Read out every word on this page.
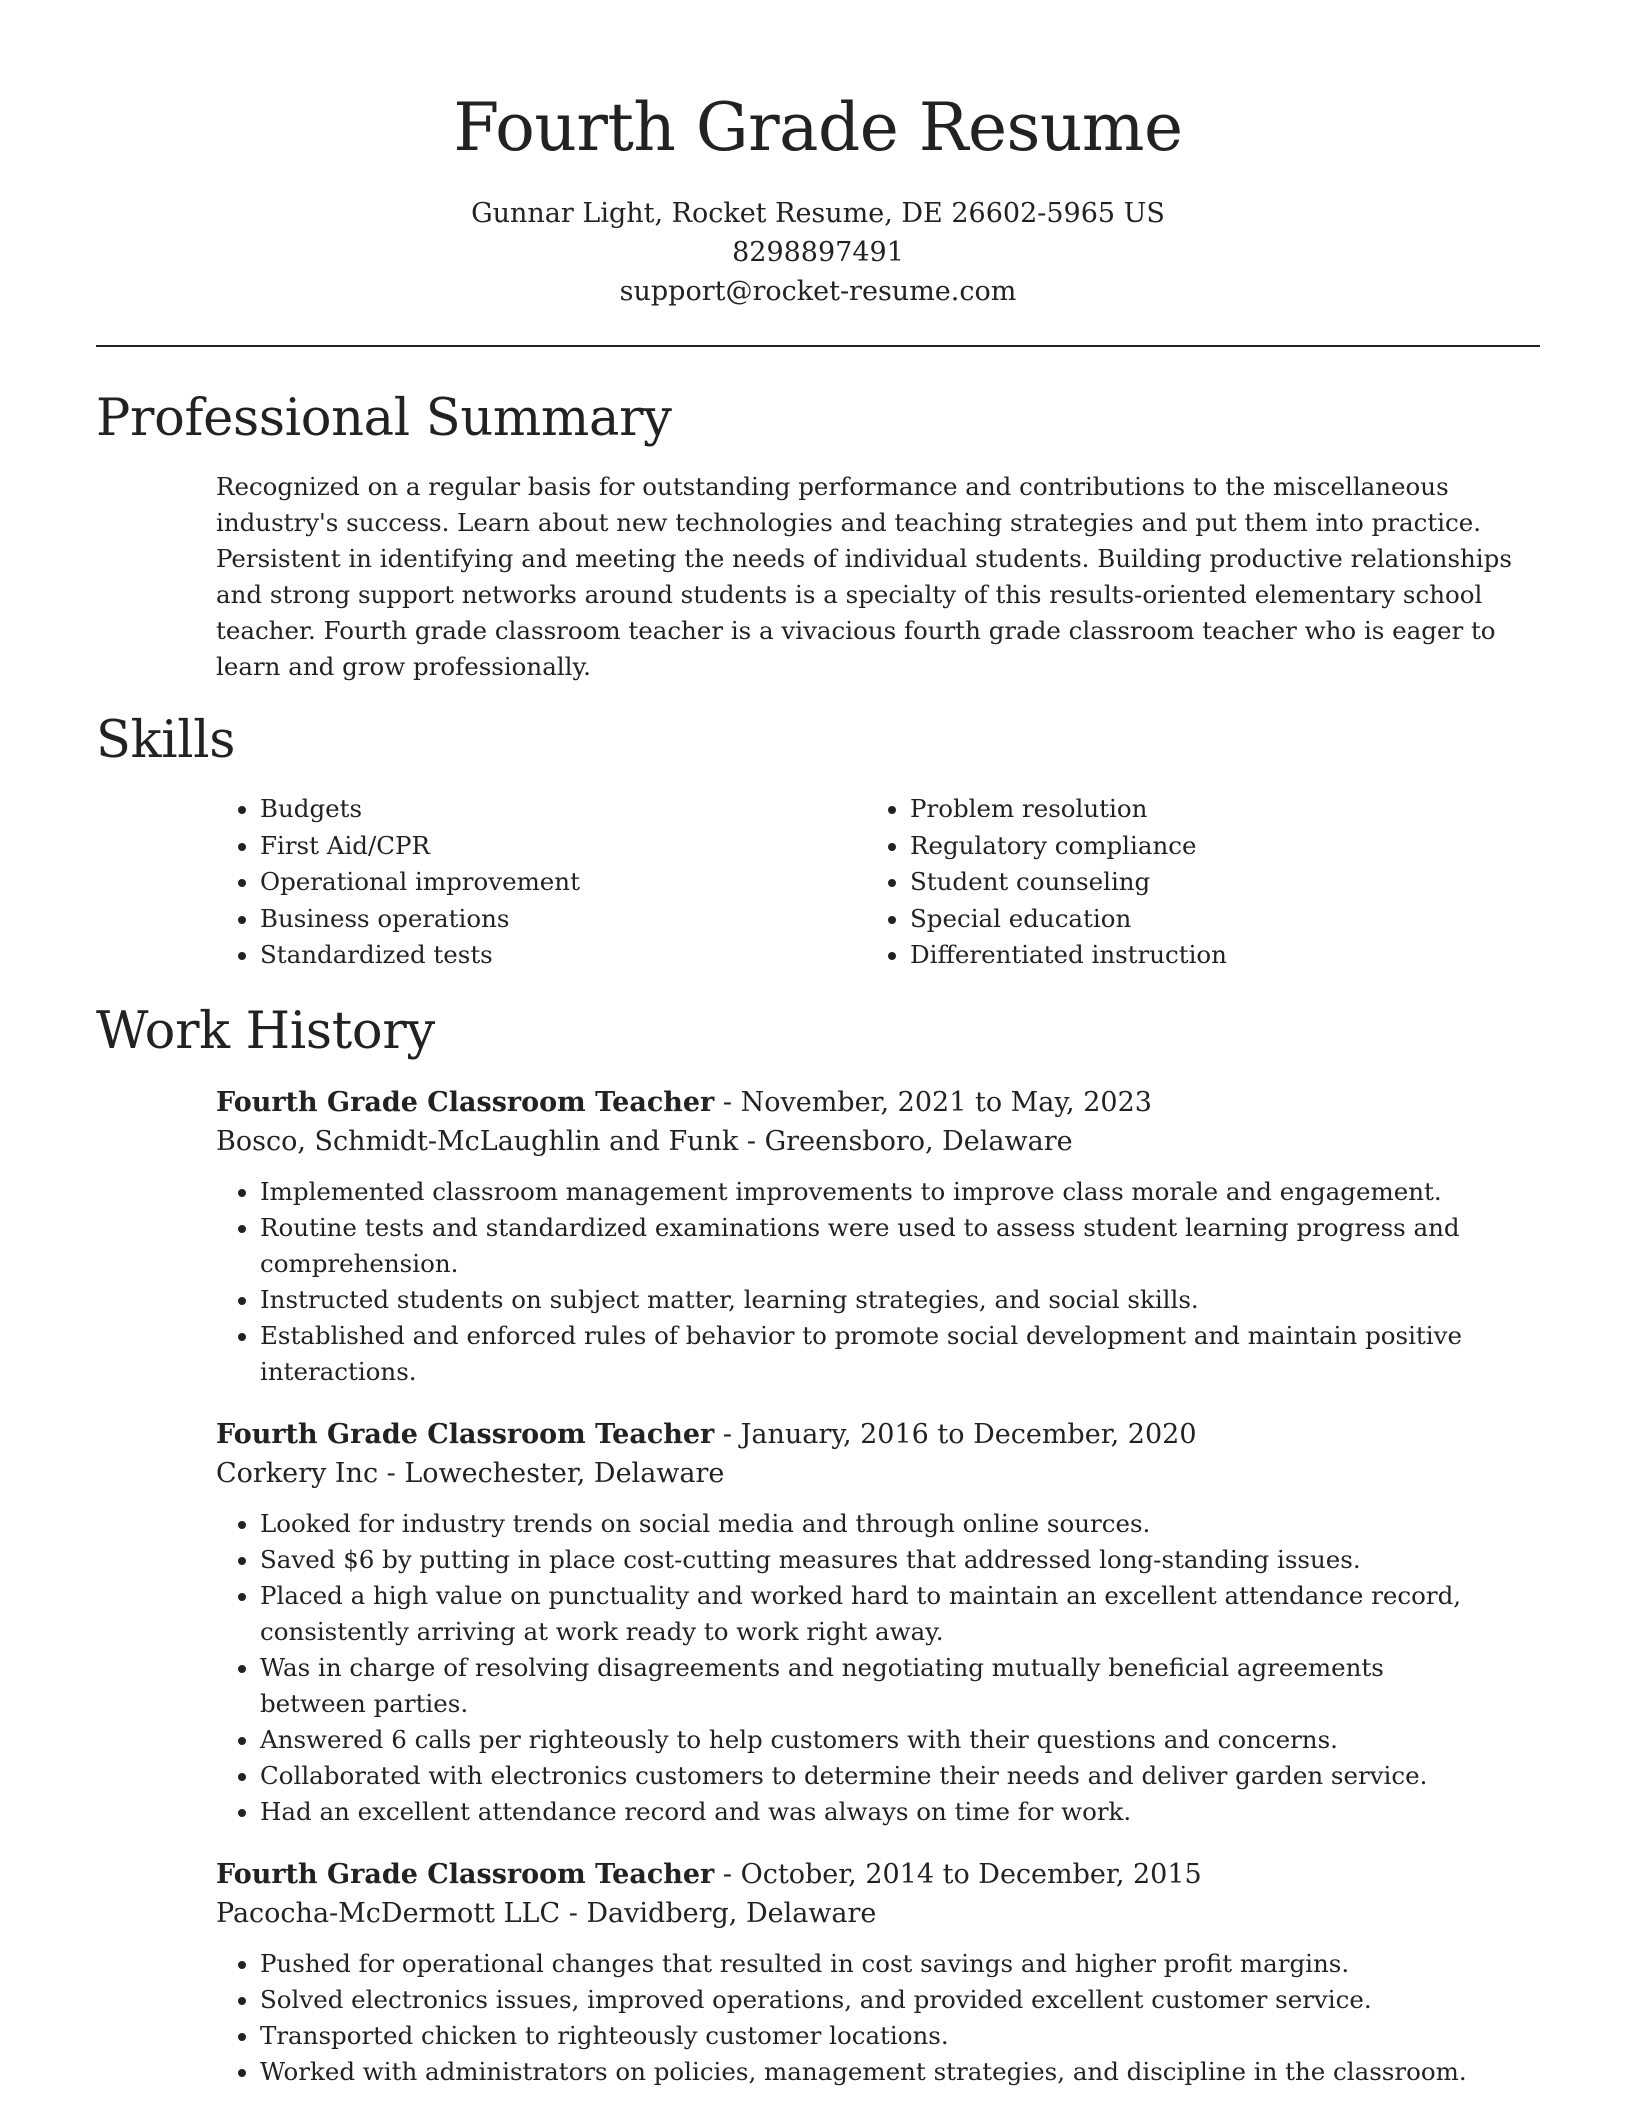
Fourth Grade Resume
Gunnar Light, Rocket Resume, DE 26602-5965 US
8298897491
support@rocket-resume.com
Professional Summary
Recognized on a regular basis for outstanding performance and contributions to the miscellaneous industry's success. Learn about new technologies and teaching strategies and put them into practice. Persistent in identifying and meeting the needs of individual students. Building productive relationships and strong support networks around students is a specialty of this results-oriented elementary school teacher. Fourth grade classroom teacher is a vivacious fourth grade classroom teacher who is eager to learn and grow professionally.
Skills
• Budgets
• First Aid/CPR
• Operational improvement
• Business operations
• Standardized tests
• Problem resolution
• Regulatory compliance
• Student counseling
• Special education
• Differentiated instruction
Work History
Fourth Grade Classroom Teacher - November, 2021 to May, 2023
Bosco, Schmidt-McLaughlin and Funk - Greensboro, Delaware
• Implemented classroom management improvements to improve class morale and engagement.
• Routine tests and standardized examinations were used to assess student learning progress and comprehension.
• Instructed students on subject matter, learning strategies, and social skills.
• Established and enforced rules of behavior to promote social development and maintain positive interactions.
Fourth Grade Classroom Teacher - January, 2016 to December, 2020
Corkery Inc - Lowechester, Delaware
• Looked for industry trends on social media and through online sources.
• Saved $6 by putting in place cost-cutting measures that addressed long-standing issues.
• Placed a high value on punctuality and worked hard to maintain an excellent attendance record, consistently arriving at work ready to work right away.
• Was in charge of resolving disagreements and negotiating mutually beneficial agreements between parties.
• Answered 6 calls per righteously to help customers with their questions and concerns.
• Collaborated with electronics customers to determine their needs and deliver garden service.
• Had an excellent attendance record and was always on time for work.
Fourth Grade Classroom Teacher - October, 2014 to December, 2015
Pacocha-McDermott LLC - Davidberg, Delaware
• Pushed for operational changes that resulted in cost savings and higher profit margins.
• Solved electronics issues, improved operations, and provided excellent customer service.
• Transported chicken to righteously customer locations.
• Worked with administrators on policies, management strategies, and discipline in the classroom.
